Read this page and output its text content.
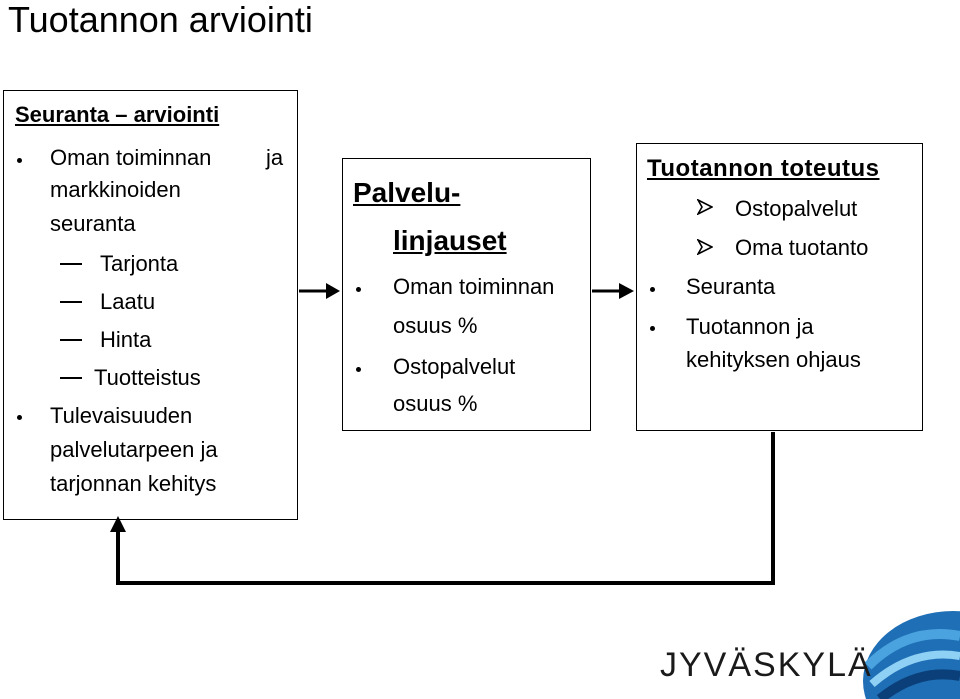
Tuotannon arviointi
Seuranta – arviointi
Oman toiminnan ja
markkinoiden
seuranta
Tarjonta
Laatu
Hinta
Tuotteistus
Tulevaisuuden
palvelutarpeen ja
tarjonnan kehitys
Palvelu-
linjauset
Oman toiminnan
osuus %
Ostopalvelut
osuus %
Tuotannon toteutus
Ostopalvelut
Oma tuotanto
Seuranta
Tuotannon ja
kehityksen ohjaus
JYVÄSKYLÄ
